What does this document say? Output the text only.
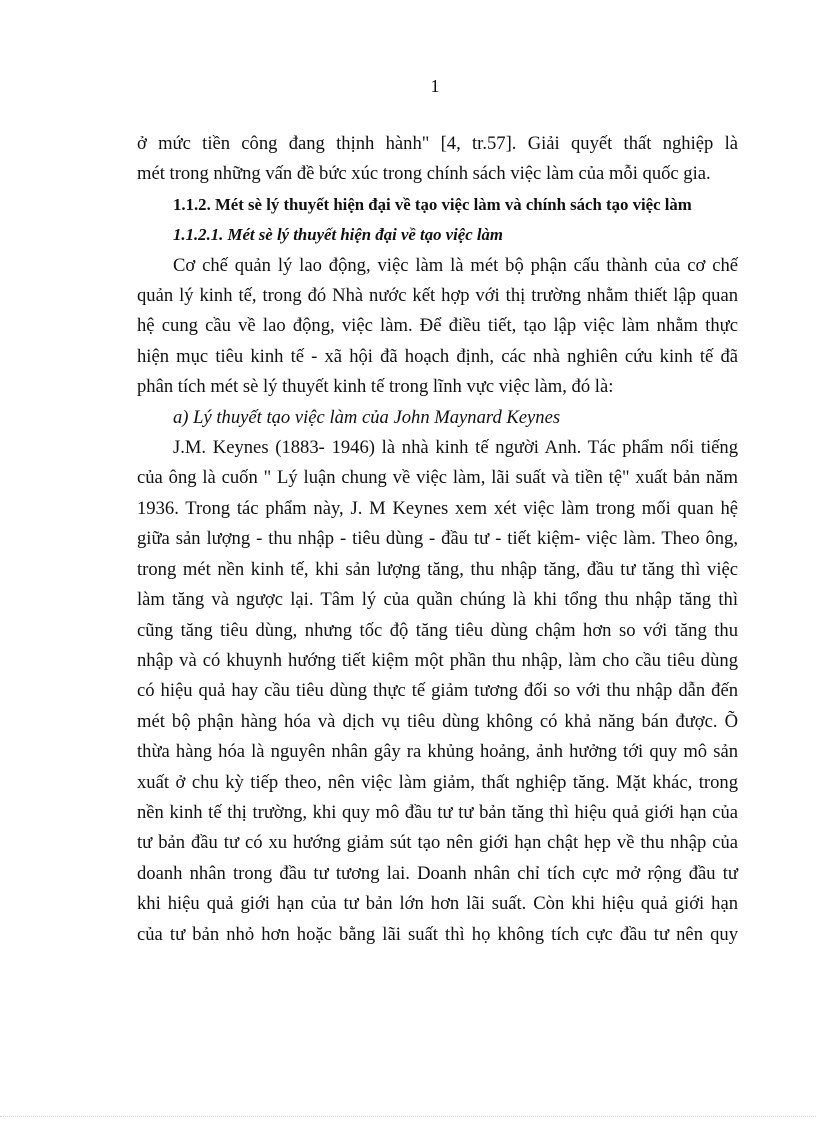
1

ở mức tiền công đang thịnh hành" [4, tr.57]. Giải quyết thất nghiệp là

mét trong những vấn đề bức xúc trong chính sách việc làm của mỗi quốc gia.

1.1.2. Mét sè lý thuyết hiện đại về tạo việc làm và chính sách tạo việc làm

1.1.2.1. Mét sè lý thuyết hiện đại về tạo việc làm

Cơ chế quản lý lao động, việc làm là mét bộ phận cấu thành của cơ chế

quản lý kinh tế, trong đó Nhà nước kết hợp với thị trường nhằm thiết lập quan

hệ cung cầu về lao động, việc làm. Để điều tiết, tạo lập việc làm nhằm thực

hiện mục tiêu kinh tế - xã hội đã hoạch định, các nhà nghiên cứu kinh tế đã

phân tích mét sè lý thuyết kinh tế trong lĩnh vực việc làm, đó là:

a) Lý thuyết tạo việc làm của John Maynard Keynes

J.M. Keynes (1883- 1946) là nhà kinh tế người Anh. Tác phẩm nổi tiếng

của ông là cuốn " Lý luận chung về việc làm, lãi suất và tiền tệ" xuất bản năm

1936. Trong tác phẩm này, J. M Keynes xem xét việc làm trong mối quan hệ

giữa sản lượng - thu nhập - tiêu dùng - đầu tư - tiết kiệm- việc làm. Theo ông,

trong mét nền kinh tế, khi sản lượng tăng, thu nhập tăng, đầu tư tăng thì việc

làm tăng và ngược lại. Tâm lý của quần chúng là khi tổng thu nhập tăng thì

cũng tăng tiêu dùng, nhưng tốc độ tăng tiêu dùng chậm hơn so với tăng thu

nhập và có khuynh hướng tiết kiệm một phần thu nhập, làm cho cầu tiêu dùng

có hiệu quả hay cầu tiêu dùng thực tế giảm tương đối so với thu nhập dẫn đến

mét bộ phận hàng hóa và dịch vụ tiêu dùng không có khả năng bán được. Õ

thừa hàng hóa là nguyên nhân gây ra khủng hoảng, ảnh hưởng tới quy mô sản

xuất ở chu kỳ tiếp theo, nên việc làm giảm, thất nghiệp tăng. Mặt khác, trong

nền kinh tế thị trường, khi quy mô đầu tư tư bản tăng thì hiệu quả giới hạn của

tư bản đầu tư có xu hướng giảm sút tạo nên giới hạn chật hẹp về thu nhập của

doanh nhân trong đầu tư tương lai. Doanh nhân chỉ tích cực mở rộng đầu tư

khi hiệu quả giới hạn của tư bản lớn hơn lãi suất. Còn khi hiệu quả giới hạn

của tư bản nhỏ hơn hoặc bằng lãi suất thì họ không tích cực đầu tư nên quy
